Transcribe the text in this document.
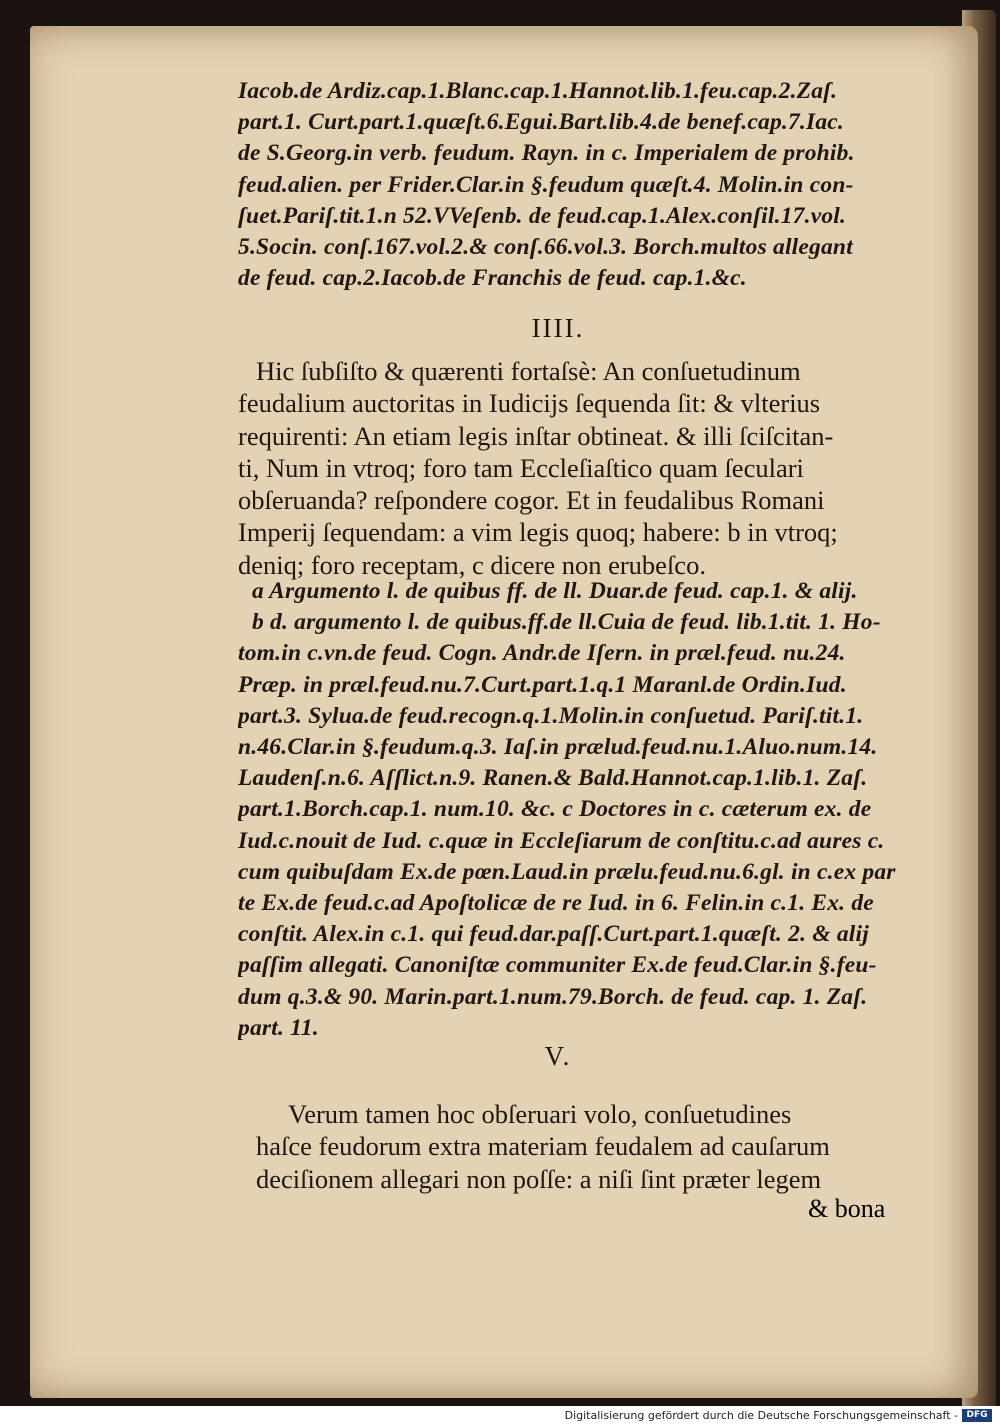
Iacob.de Ardiz.cap.1.Blanc.cap.1.Hannot.lib.1.feu.cap.2.Zaſ.
part.1. Curt.part.1.quæſt.6.Egui.Bart.lib.4.de benef.cap.7.Iac.
de S.Georg.in verb. feudum. Rayn. in c. Imperialem de prohib.
feud.alien. per Frider.Clar.in §.feudum quæſt.4. Molin.in con-
ſuet.Pariſ.tit.1.n 52.VVeſenb. de feud.cap.1.Alex.conſil.17.vol.
5.Socin. conſ.167.vol.2.& conſ.66.vol.3. Borch.multos allegant
de feud. cap.2.Iacob.de Franchis de feud. cap.1.&c.
IIII.
Hic ſubſiſto & quærenti fortaſsè: An conſuetudinum
feudalium auctoritas in Iudicijs ſequenda ſit: & vlterius
requirenti: An etiam legis inſtar obtineat. & illi ſciſcitan-
ti, Num in vtroq; foro tam Eccleſiaſtico quam ſeculari
obſeruanda? reſpondere cogor. Et in feudalibus Romani
Imperij ſequendam: a vim legis quoq; habere: b in vtroq;
deniq; foro receptam, c dicere non erubeſco.
a Argumento l. de quibus ff. de ll. Duar.de feud. cap.1. & alij.
b d. argumento l. de quibus.ff.de ll.Cuia de feud. lib.1.tit. 1. Ho-
tom.in c.vn.de feud. Cogn. Andr.de Iſern. in præl.feud. nu.24.
Præp. in præl.feud.nu.7.Curt.part.1.q.1 Maranl.de Ordin.Iud.
part.3. Sylua.de feud.recogn.q.1.Molin.in conſuetud. Pariſ.tit.1.
n.46.Clar.in §.feudum.q.3. Iaſ.in prælud.feud.nu.1.Aluo.num.14.
Laudenſ.n.6. Aſſlict.n.9. Ranen.& Bald.Hannot.cap.1.lib.1. Zaſ.
part.1.Borch.cap.1. num.10. &c. c Doctores in c. cæterum ex. de
Iud.c.nouit de Iud. c.quæ in Eccleſiarum de conſtitu.c.ad aures c.
cum quibuſdam Ex.de pœn.Laud.in prælu.feud.nu.6.gl. in c.ex par
te Ex.de feud.c.ad Apoſtolicæ de re Iud. in 6. Felin.in c.1. Ex. de
conſtit. Alex.in c.1. qui feud.dar.paſſ.Curt.part.1.quæſt. 2. & alij
paſſim allegati. Canoniſtæ communiter Ex.de feud.Clar.in §.feu-
dum q.3.& 90. Marin.part.1.num.79.Borch. de feud. cap. 1. Zaſ.
part. 11.
V.
Verum tamen hoc obſeruari volo, conſuetudines
haſce feudorum extra materiam feudalem ad cauſarum
deciſionem allegari non poſſe: a niſi ſint præter legem
& bona
Digitalisierung gefördert durch die Deutsche Forschungsgemeinschaft - DFG
